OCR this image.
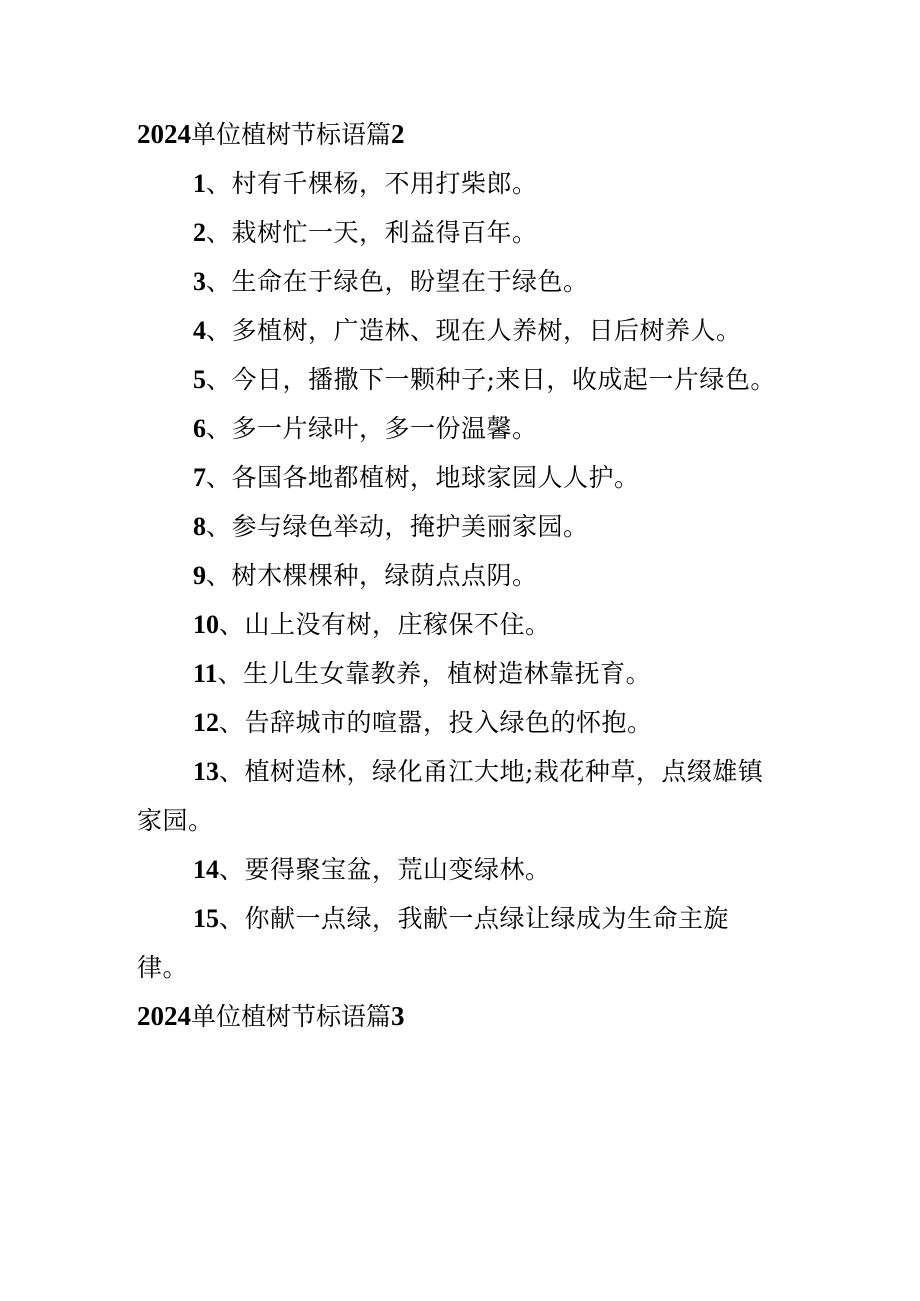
2024单位植树节标语篇2

1、村有千棵杨，不用打柴郎。

2、栽树忙一天，利益得百年。

3、生命在于绿色，盼望在于绿色。

4、多植树，广造林、现在人养树，日后树养人。

5、今日，播撒下一颗种子;来日，收成起一片绿色。

6、多一片绿叶，多一份温馨。

7、各国各地都植树，地球家园人人护。

8、参与绿色举动，掩护美丽家园。

9、树木棵棵种，绿荫点点阴。

10、山上没有树，庄稼保不住。

11、生儿生女靠教养，植树造林靠抚育。

12、告辞城市的喧嚣，投入绿色的怀抱。

13、植树造林，绿化甬江大地;栽花种草，点缀雄镇家园。

14、要得聚宝盆，荒山变绿林。

15、你献一点绿，我献一点绿让绿成为生命主旋律。

2024单位植树节标语篇3
